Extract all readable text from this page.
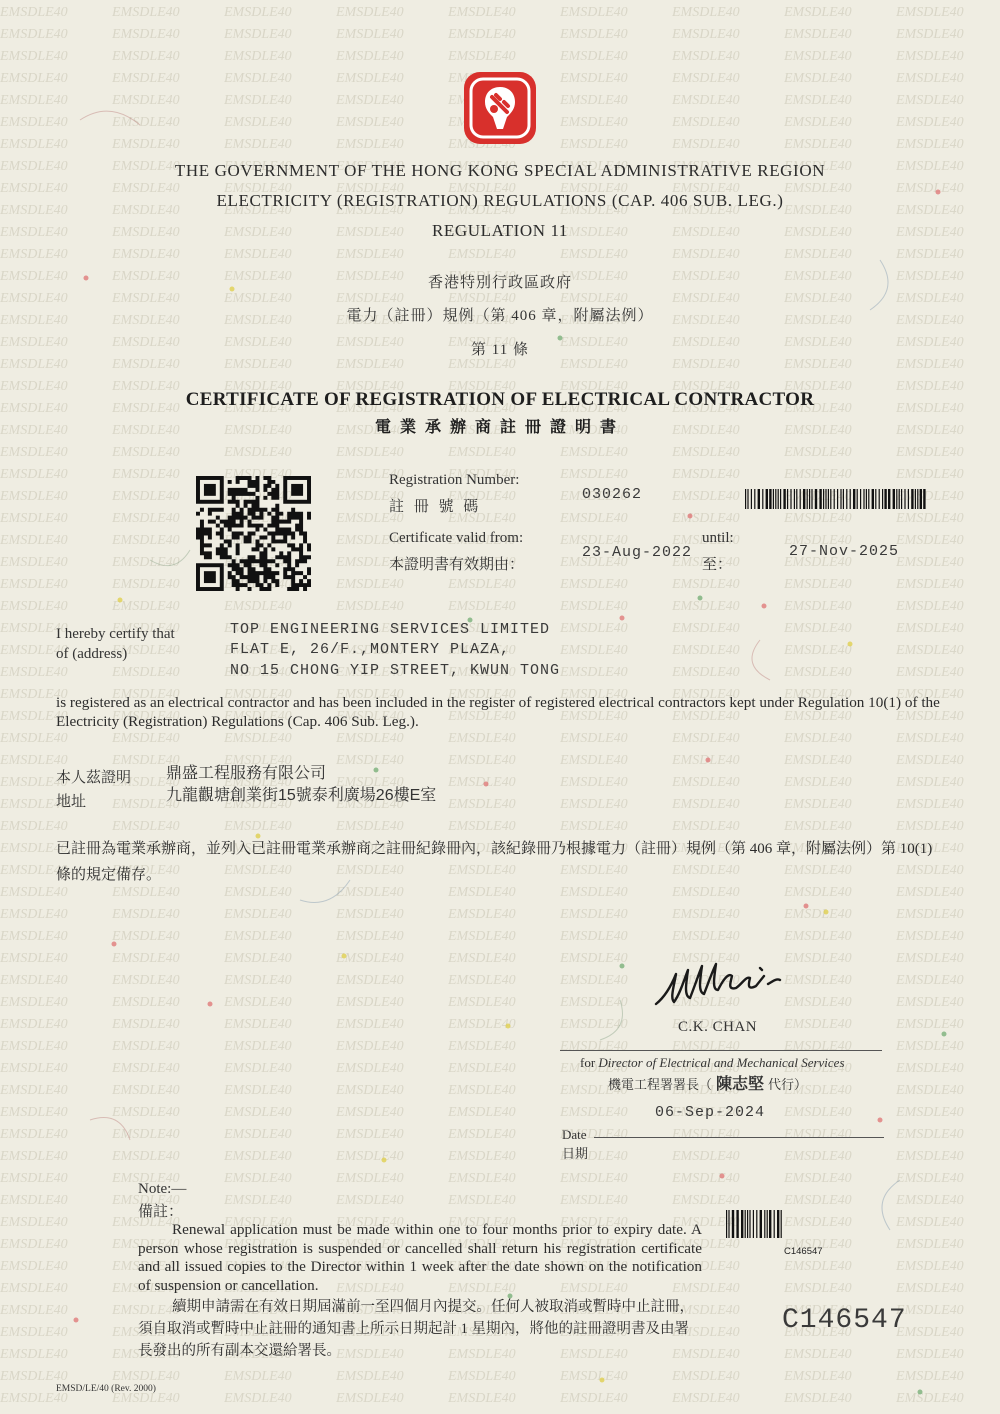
THE GOVERNMENT OF THE HONG KONG SPECIAL ADMINISTRATIVE REGION
ELECTRICITY (REGISTRATION) REGULATIONS (CAP. 406 SUB. LEG.)
REGULATION 11
香港特別行政區政府
電力（註冊）規例（第 406 章，附屬法例）
第 11 條
CERTIFICATE OF REGISTRATION OF ELECTRICAL CONTRACTOR
電業承辦商註冊證明書
Registration Number:
註 冊 號 碼
030262
Certificate valid from:
本證明書有效期由：
23-Aug-2022
until:
至：
27-Nov-2025
I hereby certify that
of (address)
TOP ENGINEERING SERVICES LIMITED
FLAT E, 26/F.,MONTERY PLAZA,
NO 15 CHONG YIP STREET, KWUN TONG
is registered as an electrical contractor and has been included in the register of registered electrical contractors kept under Regulation 10(1) of the Electricity (Registration) Regulations (Cap. 406 Sub. Leg.).
本人茲證明
地址
鼎盛工程服務有限公司
九龍觀塘創業街15號泰利廣場26樓E室
已註冊為電業承辦商，並列入已註冊電業承辦商之註冊紀錄冊內，該紀錄冊乃根據電力（註冊）規例（第 406 章，附屬法例）第 10(1) 條的規定備存。
C.K. CHAN
for Director of Electrical and Mechanical Services
機電工程署署長（ 陳志堅 代行）
06-Sep-2024
Date
日期
Note:—
備註：
Renewal application must be made within one to four months prior to expiry date. A person whose registration is suspended or cancelled shall return his registration certificate and all issued copies to the Director within 1 week after the date shown on the notification of suspension or cancellation.
續期申請需在有效日期屆滿前一至四個月內提交。任何人被取消或暫時中止註冊，須自取消或暫時中止註冊的通知書上所示日期起計 1 星期內，將他的註冊證明書及由署長發出的所有副本交還給署長。
C146547
C146547
EMSD/LE/40 (Rev. 2000)
